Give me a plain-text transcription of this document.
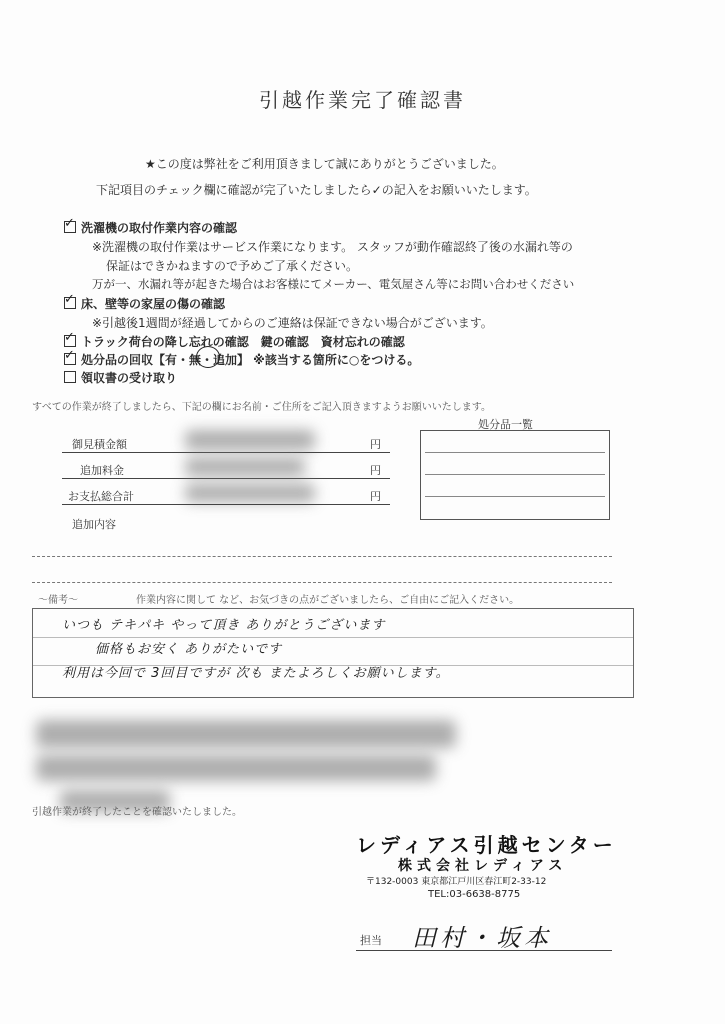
引越作業完了確認書
★この度は弊社をご利用頂きまして誠にありがとうございました。
下記項目のチェック欄に確認が完了いたしましたら✓の記入をお願いいたします。
✓洗濯機の取付作業内容の確認
※洗濯機の取付作業はサービス作業になります。 スタッフが動作確認終了後の水漏れ等の
保証はできかねますので予めご了承ください。
万が一、水漏れ等が起きた場合はお客様にてメーカー、電気屋さん等にお問い合わせください
✓床、壁等の家屋の傷の確認
※引越後1週間が経過してからのご連絡は保証できない場合がございます。
✓トラック荷台の降し忘れの確認　鍵の確認　資材忘れの確認
✓処分品の回収【有・無・追加】 ※該当する箇所に○をつける。
領収書の受け取り
すべての作業が終了しましたら、下記の欄にお名前・ご住所をご記入頂きますようお願いいたします。
処分品一覧
御見積金額	円
追加料金	円
お支払総合計	円
追加内容
～備考～	作業内容に関して など、お気づきの点がございましたら、ご自由にご記入ください。
いつも テキパキ やって頂き ありがとうございます
価格もお安く ありがたいです
利用は今回で 3回目ですが 次も またよろしくお願いします。
引越作業が終了したことを確認いたしました。
レディアス引越センター
株式会社レディアス
〒132-0003 東京都江戸川区春江町2-33-12
TEL:03-6638-8775
担当 田村・坂本
